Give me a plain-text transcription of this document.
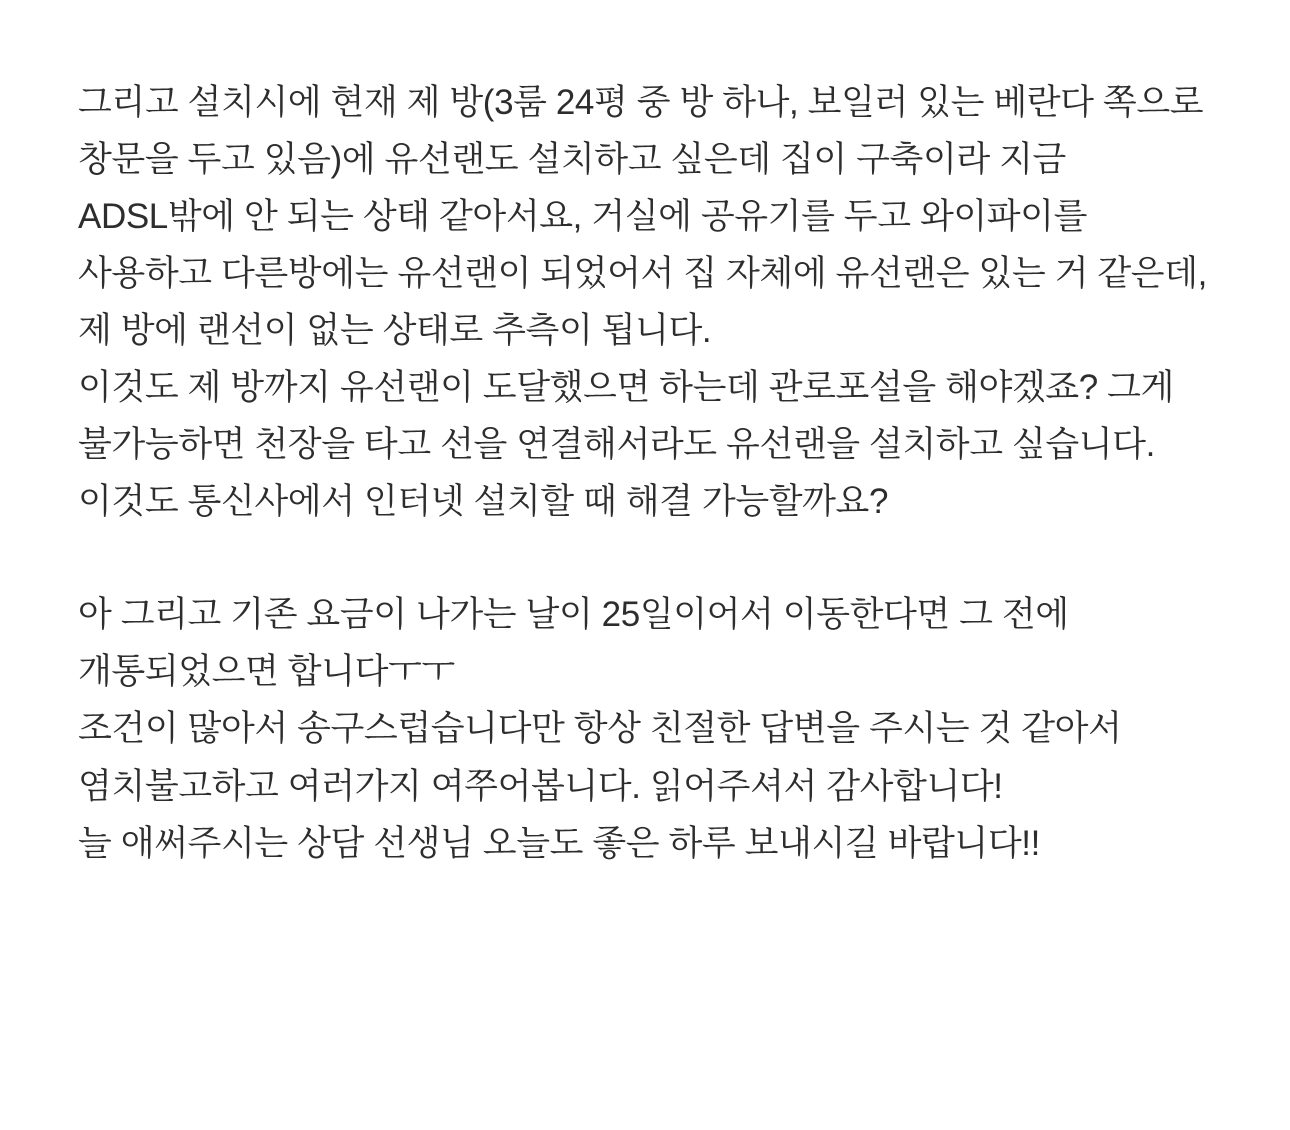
그리고 설치시에 현재 제 방(3룸 24평 중 방 하나, 보일러 있는 베란다 쪽으로 창문을 두고 있음)에 유선랜도 설치하고 싶은데 집이 구축이라 지금 ADSL밖에 안 되는 상태 같아서요, 거실에 공유기를 두고 와이파이를 사용하고 다른방에는 유선랜이 되었어서 집 자체에 유선랜은 있는 거 같은데, 제 방에 랜선이 없는 상태로 추측이 됩니다.

이것도 제 방까지 유선랜이 도달했으면 하는데 관로포설을 해야겠죠? 그게 불가능하면 천장을 타고 선을 연결해서라도 유선랜을 설치하고 싶습니다. 이것도 통신사에서 인터넷 설치할 때 해결 가능할까요?

아 그리고 기존 요금이 나가는 날이 25일이어서 이동한다면 그 전에 개통되었으면 합니다ㅜㅜ

조건이 많아서 송구스럽습니다만 항상 친절한 답변을 주시는 것 같아서 염치불고하고 여러가지 여쭈어봅니다. 읽어주셔서 감사합니다!

늘 애써주시는 상담 선생님 오늘도 좋은 하루 보내시길 바랍니다!!
